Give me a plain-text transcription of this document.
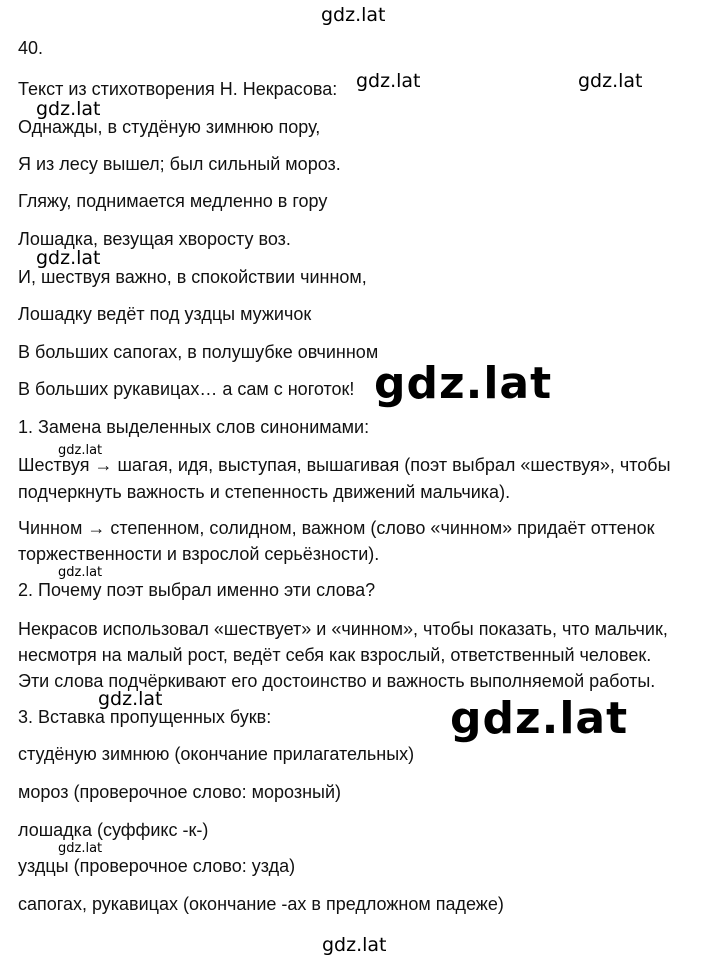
40.
Текст из стихотворения Н. Некрасова:
Однажды, в студёную зимнюю пору,
Я из лесу вышел; был сильный мороз.
Гляжу, поднимается медленно в гору
Лошадка, везущая хворосту воз.
И, шествуя важно, в спокойствии чинном,
Лошадку ведёт под уздцы мужичок
В больших сапогах, в полушубке овчинном
В больших рукавицах… а сам с ноготок!
1. Замена выделенных слов синонимами:
Шествуя → шагая, идя, выступая, вышагивая (поэт выбрал «шествуя», чтобы
подчеркнуть важность и степенность движений мальчика).
Чинном → степенном, солидном, важном (слово «чинном» придаёт оттенок
торжественности и взрослой серьёзности).
2. Почему поэт выбрал именно эти слова?
Некрасов использовал «шествует» и «чинном», чтобы показать, что мальчик,
несмотря на малый рост, ведёт себя как взрослый, ответственный человек.
Эти слова подчёркивают его достоинство и важность выполняемой работы.
3. Вставка пропущенных букв:
студёную зимнюю (окончание прилагательных)
мороз (проверочное слово: морозный)
лошадка (суффикс -к-)
уздцы (проверочное слово: узда)
сапогах, рукавицах (окончание -ах в предложном падеже)
gdz.lat
gdz.lat	gdz.lat
gdz.lat
gdz.lat
gdz.lat
gdz.lat
gdz.lat
gdz.lat	gdz.lat
gdz.lat
gdz.lat
